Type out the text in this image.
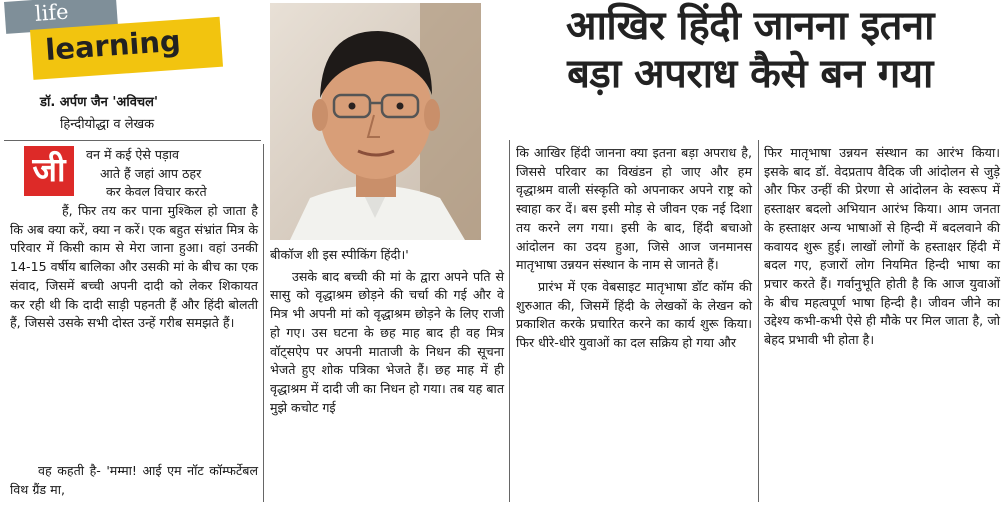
life
learning
डॉ. अर्पण जैन 'अविचल'
हिन्दीयोद्धा व लेखक
आखिर हिंदी जानना इतना
बड़ा अपराध कैसे बन गया
जी	वन में कई ऐसे पड़ाव
आते हैं जहां आप ठहर
कर केवल विचार करते

हैं, फिर तय कर पाना मुश्किल हो जाता है कि अब क्या करें, क्या न करें। एक बहुत संभ्रांत मित्र के परिवार में किसी काम से मेरा जाना हुआ। वहां उनकी 14-15 वर्षीय बालिका और उसकी मां के बीच का एक संवाद, जिसमें बच्ची अपनी दादी को लेकर शिकायत कर रही थी कि दादी साड़ी पहनती हैं और हिंदी बोलती हैं, जिससे उसके सभी दोस्त उन्हें गरीब समझते हैं।

वह कहती है- 'मम्मा! आई एम नॉट कॉम्फर्टेबल विथ ग्रैंड मा,

बीकॉज शी इस स्पीकिंग हिंदी।'

उसके बाद बच्ची की मां के द्वारा अपने पति से सासु को वृद्धाश्रम छोड़ने की चर्चा की गई और वे मित्र भी अपनी मां को वृद्धाश्रम छोड़ने के लिए राजी हो गए। उस घटना के छह माह बाद ही वह मित्र वॉट्सऐप पर अपनी माताजी के निधन की सूचना भेजते हुए शोक पत्रिका भेजते हैं। छह माह में ही वृद्धाश्रम में दादी जी का निधन हो गया। तब यह बात मुझे कचोट गई

कि आखिर हिंदी जानना क्या इतना बड़ा अपराध है, जिससे परिवार का विखंडन हो जाए और हम वृद्धाश्रम वाली संस्कृति को अपनाकर अपने राष्ट्र को स्वाहा कर दें। बस इसी मोड़ से जीवन एक नई दिशा तय करने लग गया। इसी के बाद, हिंदी बचाओ आंदोलन का उदय हुआ, जिसे आज जनमानस मातृभाषा उन्नयन संस्थान के नाम से जानते हैं।

प्रारंभ में एक वेबसाइट मातृभाषा डॉट कॉम की शुरुआत की, जिसमें हिंदी के लेखकों के लेखन को प्रकाशित करके प्रचारित करने का कार्य शुरू किया। फिर धीरे-धीरे युवाओं का दल सक्रिय हो गया और

फिर मातृभाषा उन्नयन संस्थान का आरंभ किया। इसके बाद डॉ. वेदप्रताप वैदिक जी आंदोलन से जुड़े और फिर उन्हीं की प्रेरणा से आंदोलन के स्वरूप में हस्ताक्षर बदलो अभियान आरंभ किया। आम जनता के हस्ताक्षर अन्य भाषाओं से हिन्दी में बदलवाने की कवायद शुरू हुई। लाखों लोगों के हस्ताक्षर हिंदी में बदल गए, हजारों लोग नियमित हिन्दी भाषा का प्रचार करते हैं। गर्वानुभूति होती है कि आज युवाओं के बीच महत्वपूर्ण भाषा हिन्दी है। जीवन जीने का उद्देश्य कभी-कभी ऐसे ही मौके पर मिल जाता है, जो बेहद प्रभावी भी होता है।
